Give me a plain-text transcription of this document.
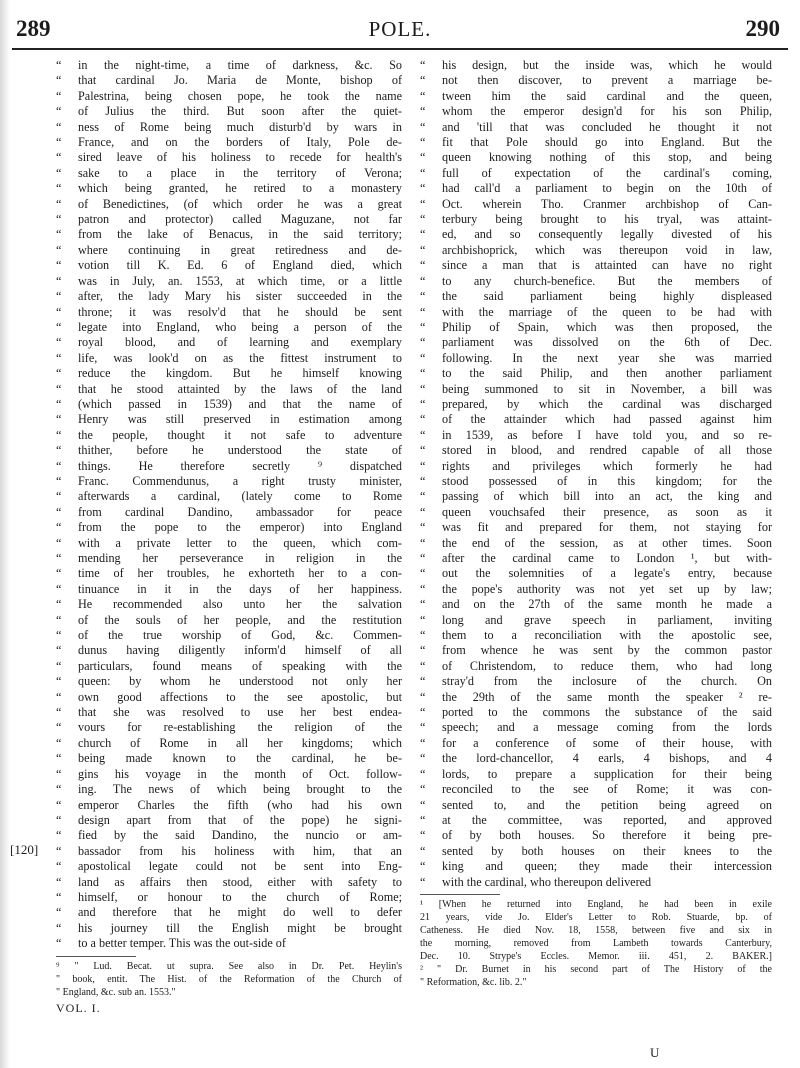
289	POLE.	290
“ in the night-time, a time of darkness, &c. So
“ that cardinal Jo. Maria de Monte, bishop of
“ Palestrina, being chosen pope, he took the name
“ of Julius the third. But soon after the quiet-
“ ness of Rome being much disturb'd by wars in
“ France, and on the borders of Italy, Pole de-
“ sired leave of his holiness to recede for health's
“ sake to a place in the territory of Verona;
“ which being granted, he retired to a monastery
“ of Benedictines, (of which order he was a great
“ patron and protector) called Maguzane, not far
“ from the lake of Benacus, in the said territory;
“ where continuing in great retiredness and de-
“ votion till K. Ed. 6 of England died, which
“ was in July, an. 1553, at which time, or a little
“ after, the lady Mary his sister succeeded in the
“ throne; it was resolv'd that he should be sent
“ legate into England, who being a person of the
“ royal blood, and of learning and exemplary
“ life, was look'd on as the fittest instrument to
“ reduce the kingdom. But he himself knowing
“ that he stood attainted by the laws of the land
“ (which passed in 1539) and that the name of
“ Henry was still preserved in estimation among
“ the people, thought it not safe to adventure
“ thither, before he understood the state of
“ things. He therefore secretly ⁹ dispatched
“ Franc. Commendunus, a right trusty minister,
“ afterwards a cardinal, (lately come to Rome
“ from cardinal Dandino, ambassador for peace
“ from the pope to the emperor) into England
“ with a private letter to the queen, which com-
“ mending her perseverance in religion in the
“ time of her troubles, he exhorteth her to a con-
“ tinuance in it in the days of her happiness.
“ He recommended also unto her the salvation
“ of the souls of her people, and the restitution
“ of the true worship of God, &c. Commen-
“ dunus having diligently inform'd himself of all
“ particulars, found means of speaking with the
“ queen: by whom he understood not only her
“ own good affections to the see apostolic, but
“ that she was resolved to use her best endea-
“ vours for re-establishing the religion of the
“ church of Rome in all her kingdoms; which
“ being made known to the cardinal, he be-
“ gins his voyage in the month of Oct. follow-
“ ing. The news of which being brought to the
“ emperor Charles the fifth (who had his own
“ design apart from that of the pope) he signi-
“ fied by the said Dandino, the nuncio or am-
“ bassador from his holiness with him, that an
“ apostolical legate could not be sent into Eng-
“ land as affairs then stood, either with safety to
“ himself, or honour to the church of Rome;
“ and therefore that he might do well to defer
“ his journey till the English might be brought
“ to a better temper. This was the out-side of
⁹ " Lud. Becat. ut supra. See also in Dr. Pet. Heylin's
" book, entit. The Hist. of the Reformation of the Church of
" England, &c. sub an. 1553."
VOL. I.
“ his design, but the inside was, which he would
“ not then discover, to prevent a marriage be-
“ tween him the said cardinal and the queen,
“ whom the emperor design'd for his son Philip,
“ and 'till that was concluded he thought it not
“ fit that Pole should go into England. But the
“ queen knowing nothing of this stop, and being
“ full of expectation of the cardinal's coming,
“ had call'd a parliament to begin on the 10th of
“ Oct. wherein Tho. Cranmer archbishop of Can-
“ terbury being brought to his tryal, was attaint-
“ ed, and so consequently legally divested of his
“ archbishoprick, which was thereupon void in law,
“ since a man that is attainted can have no right
“ to any church-benefice. But the members of
“ the said parliament being highly displeased
“ with the marriage of the queen to be had with
“ Philip of Spain, which was then proposed, the
“ parliament was dissolved on the 6th of Dec.
“ following. In the next year she was married
“ to the said Philip, and then another parliament
“ being summoned to sit in November, a bill was
“ prepared, by which the cardinal was discharged
“ of the attainder which had passed against him
“ in 1539, as before I have told you, and so re-
“ stored in blood, and rendred capable of all those
“ rights and privileges which formerly he had
“ stood possessed of in this kingdom; for the
“ passing of which bill into an act, the king and
“ queen vouchsafed their presence, as soon as it
“ was fit and prepared for them, not staying for
“ the end of the session, as at other times. Soon
“ after the cardinal came to London ¹, but with-
“ out the solemnities of a legate's entry, because
“ the pope's authority was not yet set up by law;
“ and on the 27th of the same month he made a
“ long and grave speech in parliament, inviting
“ them to a reconciliation with the apostolic see,
“ from whence he was sent by the common pastor
“ of Christendom, to reduce them, who had long
“ stray'd from the inclosure of the church. On
“ the 29th of the same month the speaker ² re-
“ ported to the commons the substance of the said
“ speech; and a message coming from the lords
“ for a conference of some of their house, with
“ the lord-chancellor, 4 earls, 4 bishops, and 4
“ lords, to prepare a supplication for their being
“ reconciled to the see of Rome; it was con-
“ sented to, and the petition being agreed on
“ at the committee, was reported, and approved
“ of by both houses. So therefore it being pre-
“ sented by both houses on their knees to the
“ king and queen; they made their intercession
“ with the cardinal, who thereupon delivered
¹ [When he returned into England, he had been in exile
21 years, vide Jo. Elder's Letter to Rob. Stuarde, bp. of
Catheness. He died Nov. 18, 1558, between five and six in
the morning, removed from Lambeth towards Canterbury,
Dec. 10. Strype's Eccles. Memor. iii. 451, 2. BAKER.]
² " Dr. Burnet in his second part of The History of the
" Reformation, &c. lib. 2."
[120]
U
